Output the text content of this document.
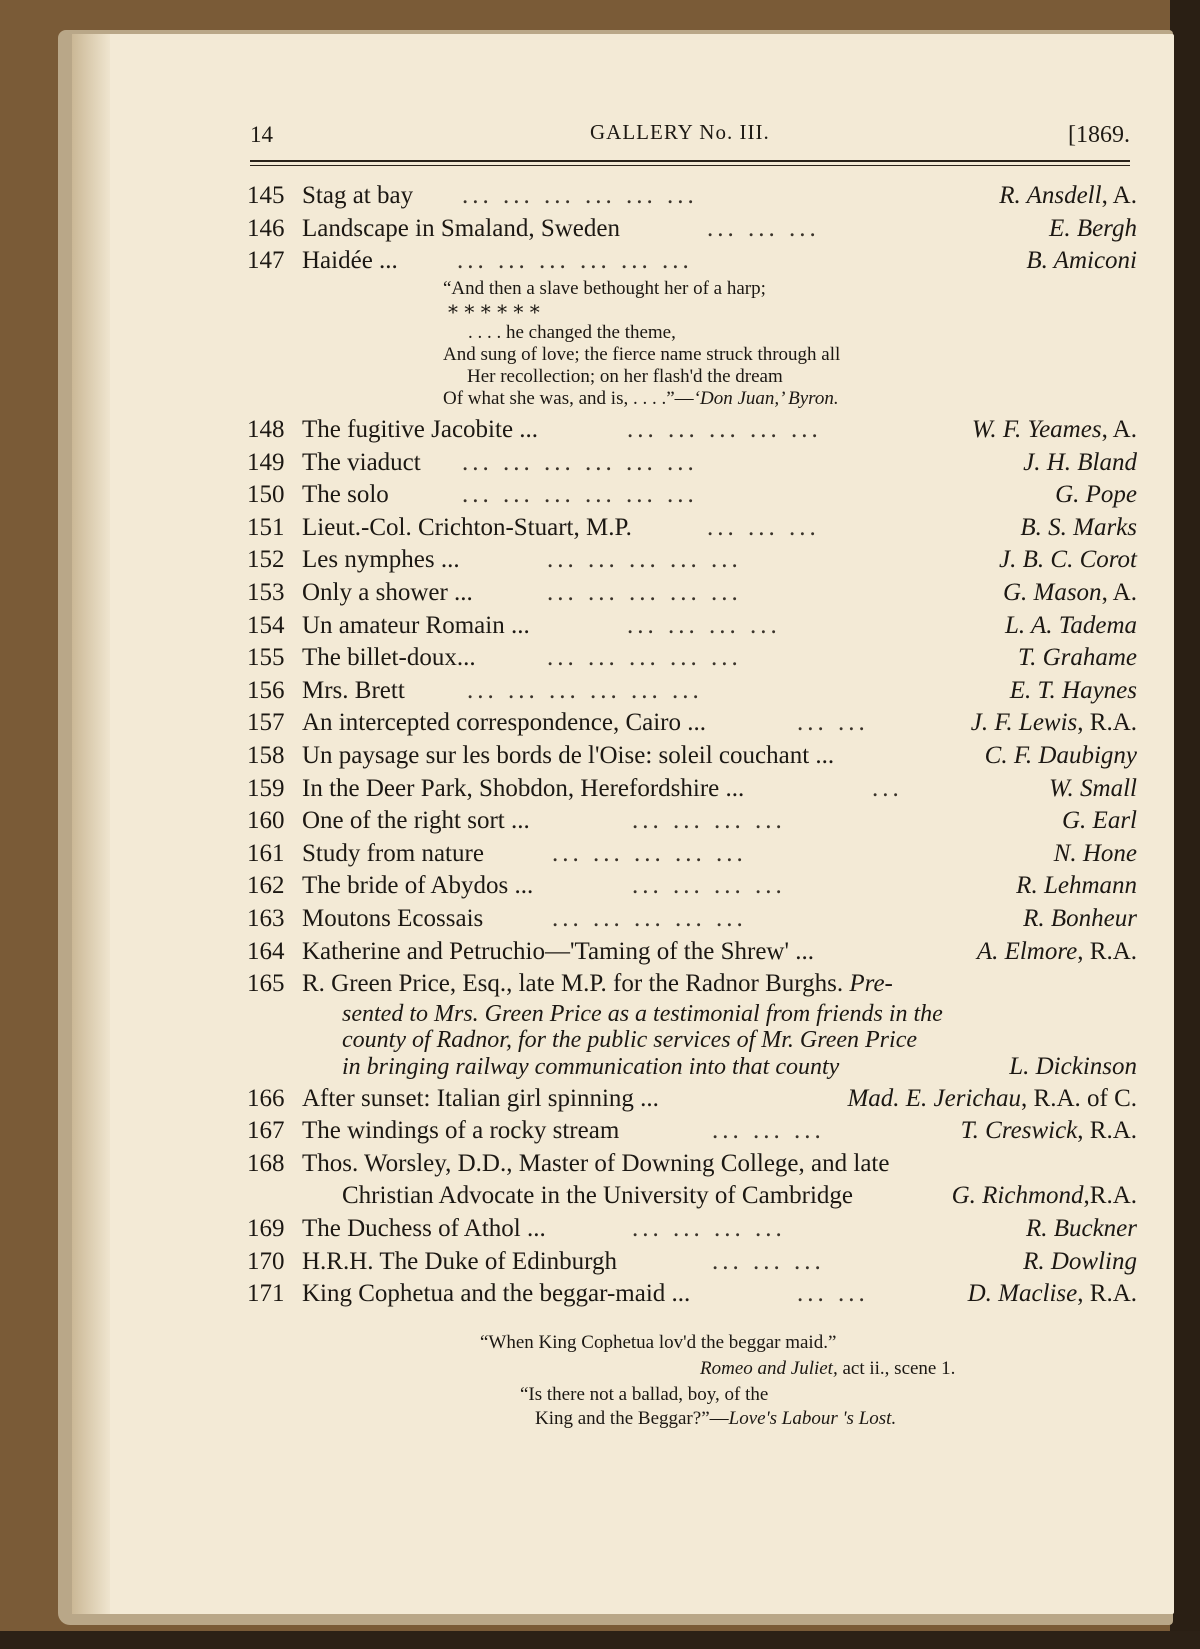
14	GALLERY No. III.	[1869.
145 Stag at bay ... ... ... ... ... ...	R. Ansdell, A.
146 Landscape in Smaland, Sweden	... ... ...	E. Bergh
147 Haidée ... ... ... ... ... ... ...	B. Amiconi
“And then a slave bethought her of a harp;
* * * * * *
. . . . he changed the theme,
And sung of love; the fierce name struck through all
Her recollection; on her flash'd the dream
Of what she was, and is, . . . .”—‘Don Juan,’ Byron.
148 The fugitive Jacobite ...	... ... ... ... ...	W. F. Yeames, A.
149 The viaduct ... ... ... ... ... ...	J. H. Bland
150 The solo	... ... ... ... ... ...	G. Pope
151 Lieut.-Col. Crichton-Stuart, M.P.	... ... ...	B. S. Marks
152 Les nymphes ...	... ... ... ... ...	J. B. C. Corot
153 Only a shower ...	... ... ... ... ...	G. Mason, A.
154 Un amateur Romain ...	... ... ... ...	L. A. Tadema
155 The billet-doux...	... ... ... ... ...	T. Grahame
156 Mrs. Brett ... ... ... ... ... ...	E. T. Haynes
157 An intercepted correspondence, Cairo ...	... ...	J. F. Lewis, R.A.
158 Un paysage sur les bords de l'Oise: soleil couchant ...	C. F. Daubigny
159 In the Deer Park, Shobdon, Herefordshire ...	...	W. Small
160 One of the right sort ...	... ... ... ...	G. Earl
161 Study from nature	... ... ... ... ...	N. Hone
162 The bride of Abydos ...	... ... ... ...	R. Lehmann
163 Moutons Ecossais	... ... ... ... ...	R. Bonheur
164 Katherine and Petruchio—'Taming of the Shrew' ...	A. Elmore, R.A.
165 R. Green Price, Esq., late M.P. for the Radnor Burghs. Pre-
sented to Mrs. Green Price as a testimonial from friends in the
county of Radnor, for the public services of Mr. Green Price
in bringing railway communication into that county	L. Dickinson
166 After sunset: Italian girl spinning ...	Mad. E. Jerichau, R.A. of C.
167 The windings of a rocky stream	... ... ...	T. Creswick, R.A.
168 Thos. Worsley, D.D., Master of Downing College, and late
Christian Advocate in the University of Cambridge	G. Richmond,R.A.
169 The Duchess of Athol ...	... ... ... ...	R. Buckner
170 H.R.H. The Duke of Edinburgh	... ... ...	R. Dowling
171 King Cophetua and the beggar-maid ...	... ...	D. Maclise, R.A.
“When King Cophetua lov'd the beggar maid.”
Romeo and Juliet, act ii., scene 1.
“Is there not a ballad, boy, of the
King and the Beggar?”—Love's Labour 's Lost.
